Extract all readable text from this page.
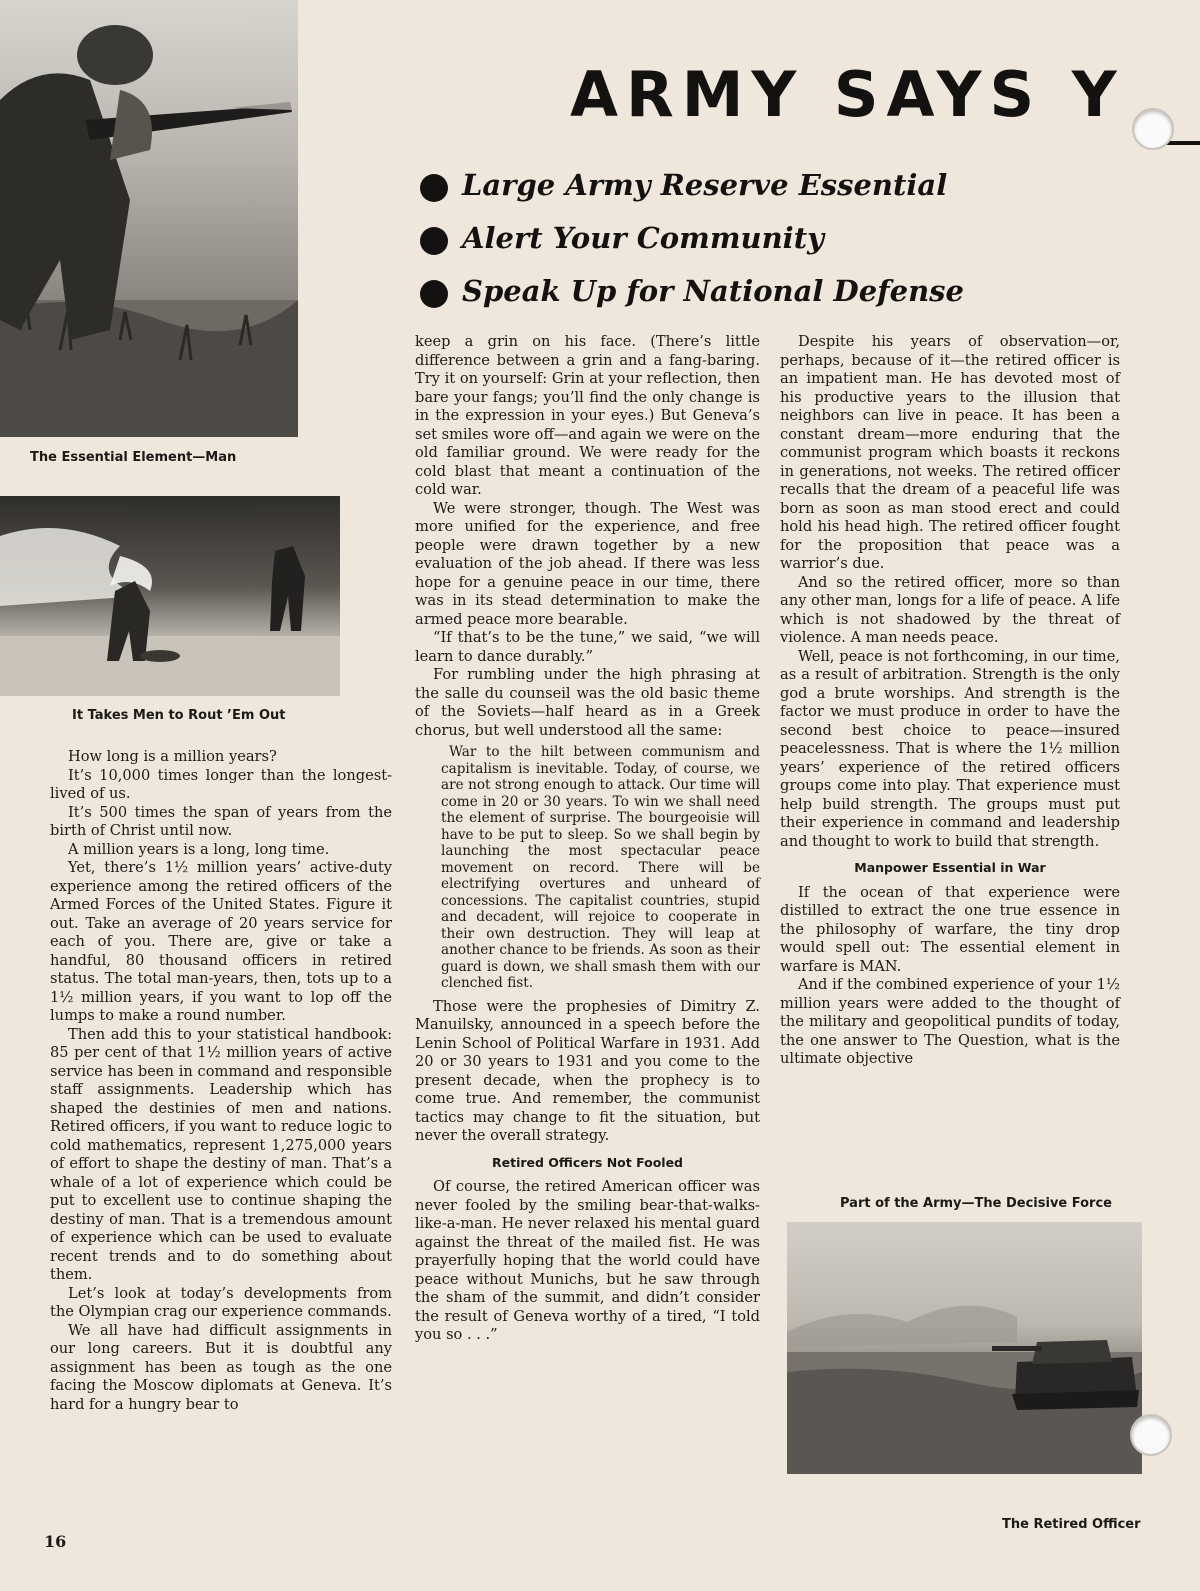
The Essential Element—Man
It Takes Men to Rout ’Em Out
ARMY SAYS Y
Large Army Reserve Essential
Alert Your Community
Speak Up for National Defense

How long is a million years?

It’s 10,000 times longer than the longest-lived of us.

It’s 500 times the span of years from the birth of Christ until now.

A million years is a long, long time.

Yet, there’s 1½ million years’ active-duty experience among the retired officers of the Armed Forces of the United States. Figure it out. Take an average of 20 years service for each of you. There are, give or take a handful, 80 thousand officers in retired status. The total man-years, then, tots up to a 1½ million years, if you want to lop off the lumps to make a round number.

Then add this to your statistical handbook: 85 per cent of that 1½ million years of active service has been in command and responsible staff assignments. Leadership which has shaped the destinies of men and nations. Retired officers, if you want to reduce logic to cold mathematics, represent 1,275,000 years of effort to shape the destiny of man. That’s a whale of a lot of experience which could be put to excellent use to continue shaping the destiny of man. That is a tremendous amount of experience which can be used to evaluate recent trends and to do something about them.

Let’s look at today’s developments from the Olympian crag our experience commands.

We all have had difficult assignments in our long careers. But it is doubtful any assignment has been as tough as the one facing the Moscow diplomats at Geneva. It’s hard for a hungry bear to

keep a grin on his face. (There’s little difference between a grin and a fang-baring. Try it on yourself: Grin at your reflection, then bare your fangs; you’ll find the only change is in the expression in your eyes.) But Geneva’s set smiles wore off—and again we were on the old familiar ground. We were ready for the cold blast that meant a continuation of the cold war.

We were stronger, though. The West was more unified for the experience, and free people were drawn together by a new evaluation of the job ahead. If there was less hope for a genuine peace in our time, there was in its stead determination to make the armed peace more bearable.

“If that’s to be the tune,” we said, “we will learn to dance durably.”

For rumbling under the high phrasing at the salle du counseil was the old basic theme of the Soviets—half heard as in a Greek chorus, but well understood all the same:

War to the hilt between communism and capitalism is inevitable. Today, of course, we are not strong enough to attack. Our time will come in 20 or 30 years. To win we shall need the element of surprise. The bourgeoisie will have to be put to sleep. So we shall begin by launching the most spectacular peace movement on record. There will be electrifying overtures and unheard of concessions. The capitalist countries, stupid and decadent, will rejoice to cooperate in their own destruction. They will leap at another chance to be friends. As soon as their guard is down, we shall smash them with our clenched fist.

Those were the prophesies of Dimitry Z. Manuilsky, announced in a speech before the Lenin School of Political Warfare in 1931. Add 20 or 30 years to 1931 and you come to the present decade, when the prophecy is to come true. And remember, the communist tactics may change to fit the situation, but never the overall strategy.

Retired Officers Not Fooled

Of course, the retired American officer was never fooled by the smiling bear-that-walks-like-a-man. He never relaxed his mental guard against the threat of the mailed fist. He was prayerfully hoping that the world could have peace without Munichs, but he saw through the sham of the summit, and didn’t consider the result of Geneva worthy of a tired, “I told you so . . .”

Despite his years of observation—or, perhaps, because of it—the retired officer is an impatient man. He has devoted most of his productive years to the illusion that neighbors can live in peace. It has been a constant dream—more enduring that the communist program which boasts it reckons in generations, not weeks. The retired officer recalls that the dream of a peaceful life was born as soon as man stood erect and could hold his head high. The retired officer fought for the proposition that peace was a warrior’s due.

And so the retired officer, more so than any other man, longs for a life of peace. A life which is not shadowed by the threat of violence. A man needs peace.

Well, peace is not forthcoming, in our time, as a result of arbitration. Strength is the only god a brute worships. And strength is the factor we must produce in order to have the second best choice to peace—insured peacelessness. That is where the 1½ million years’ experience of the retired officers groups come into play. That experience must help build strength. The groups must put their experience in command and leadership and thought to work to build that strength.

Manpower Essential in War

If the ocean of that experience were distilled to extract the one true essence in the philosophy of warfare, the tiny drop would spell out: The essential element in warfare is MAN.

And if the combined experience of your 1½ million years were added to the thought of the military and geopolitical pundits of today, the one answer to The Question, what is the ultimate objective

Part of the Army—The Decisive Force
16
The Retired Officer
